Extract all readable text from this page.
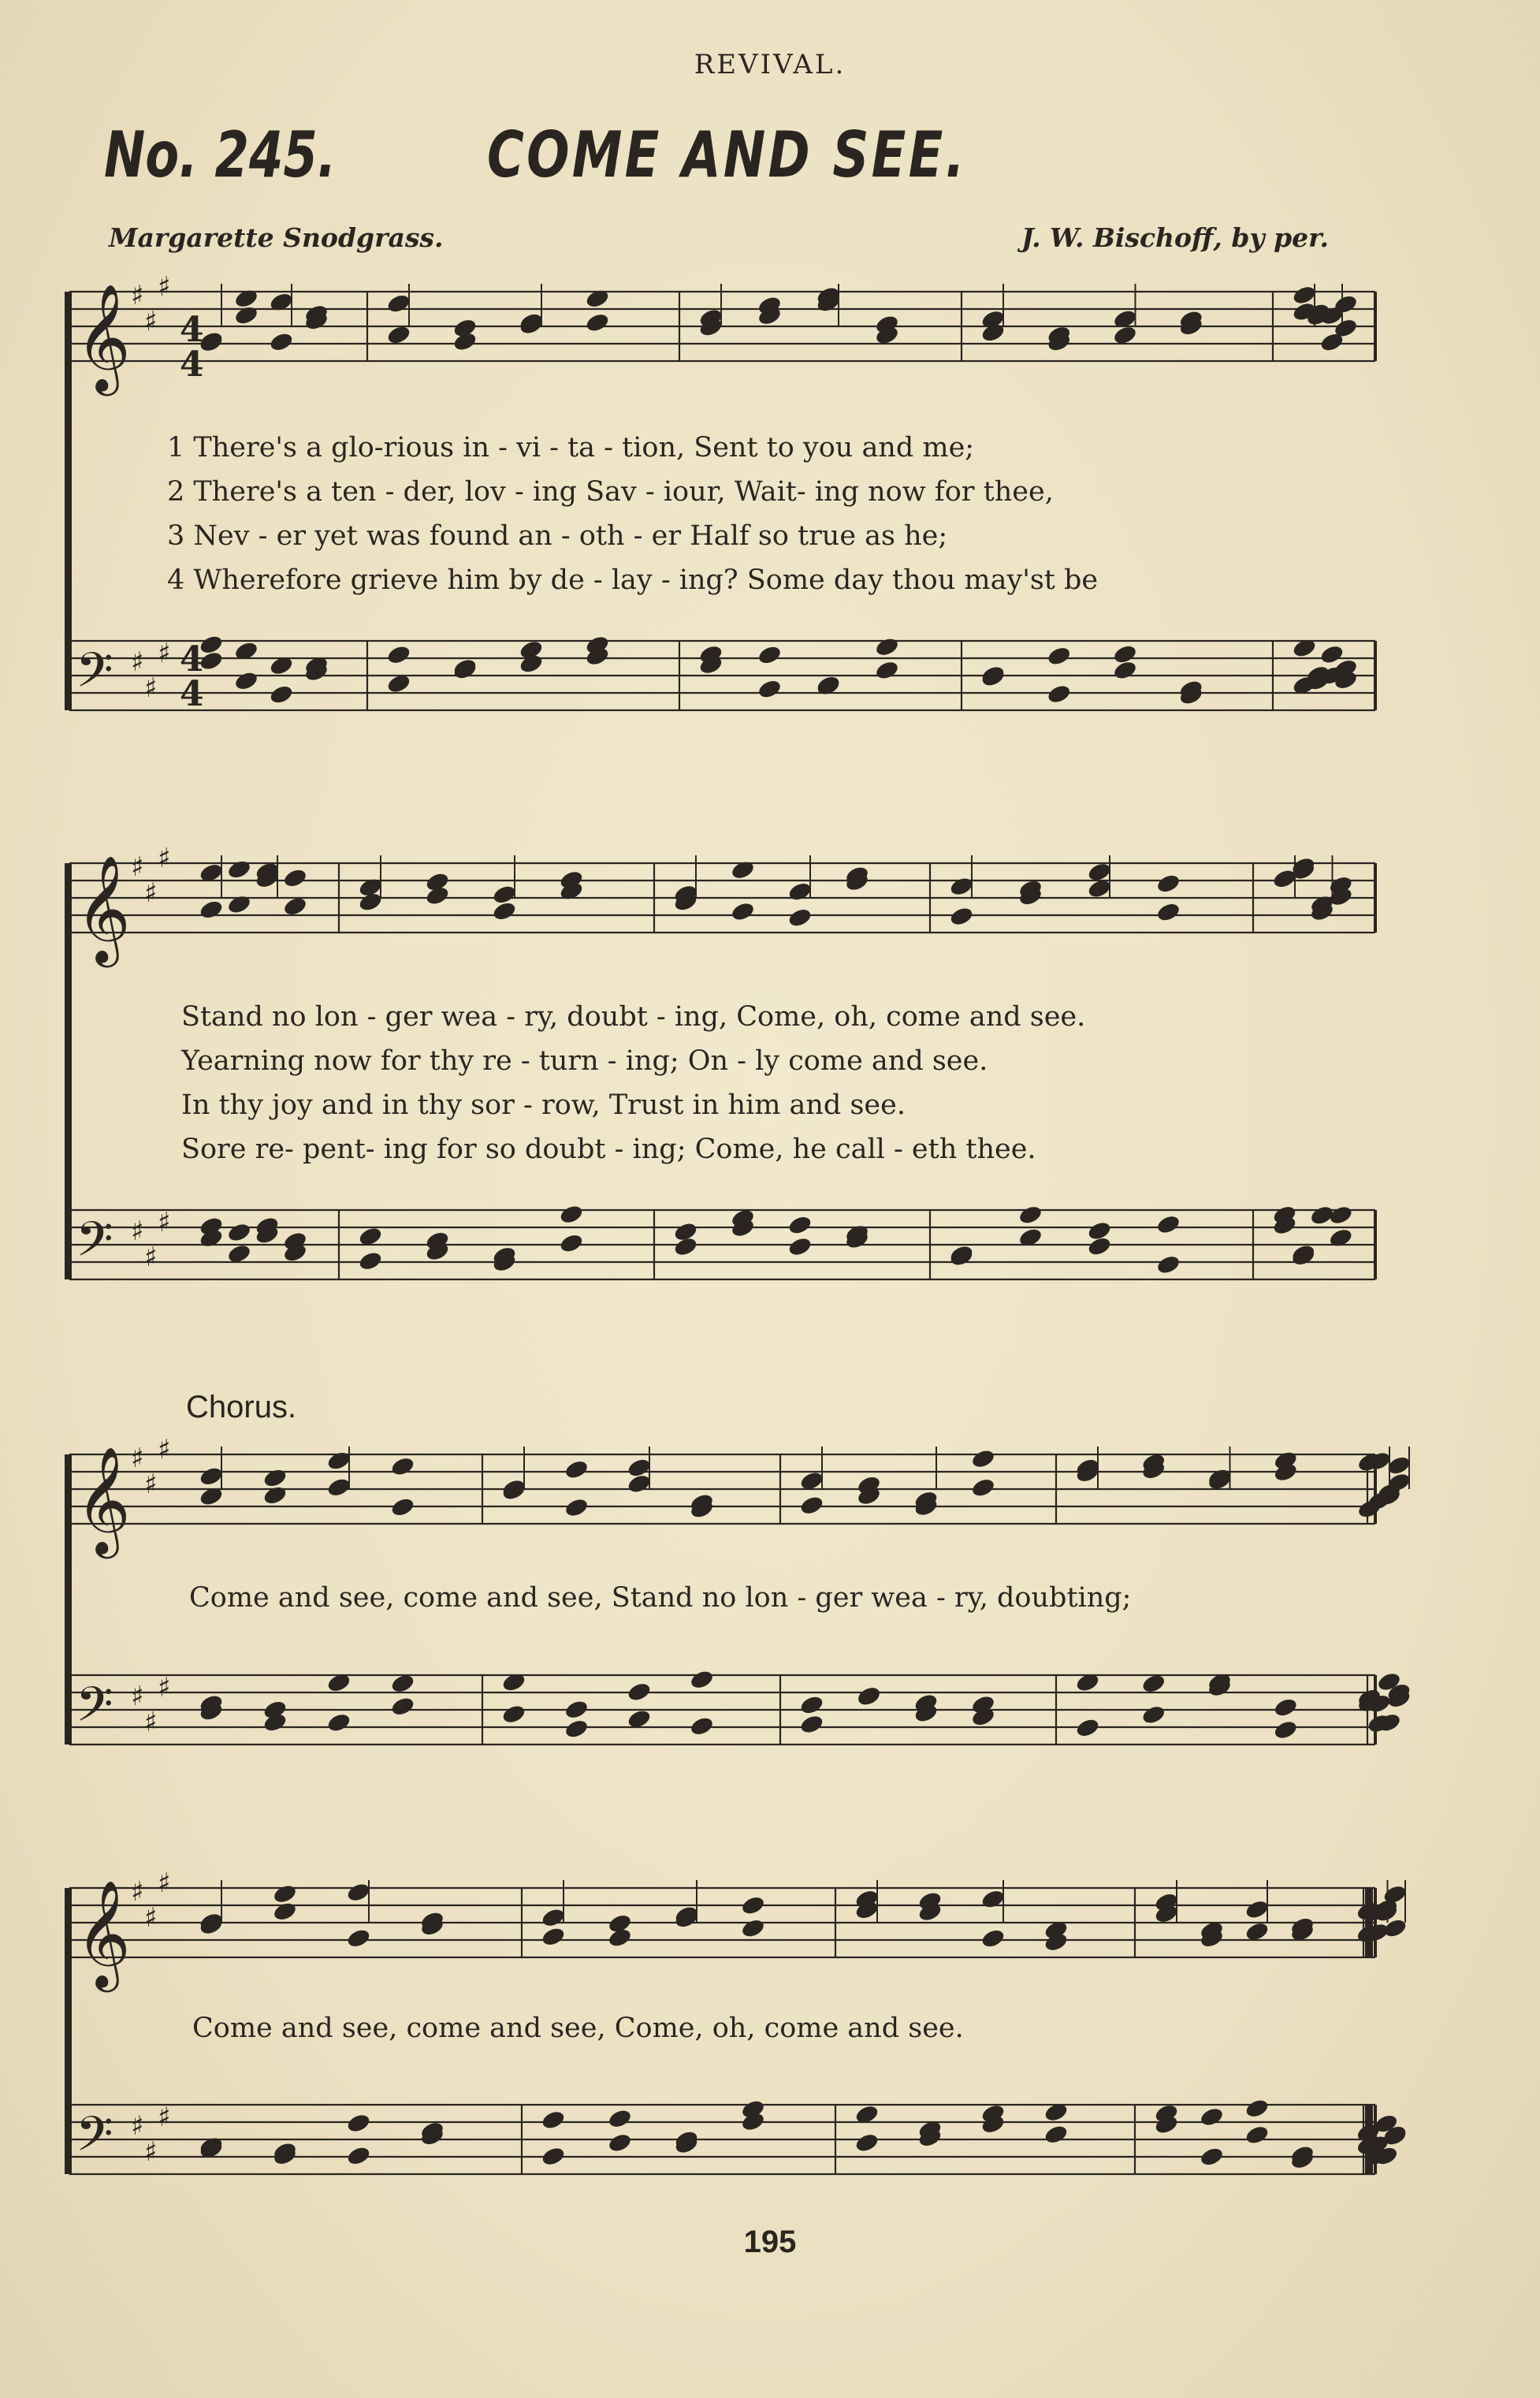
REVIVAL.
No. 245. COME AND SEE.
Margarette Snodgrass.	J. W. Bischoff, by per.
𝄞 ♯
♯
♯
𝄢 ♯
♯
♯
𝄞 ♯
♯
♯
𝄢 ♯
♯
♯
𝄞 ♯
♯
♯
𝄢 ♯
♯
♯
𝄞 ♯
♯
♯
𝄢 ♯
♯
♯
4
4
4
4
1 There's a glo-rious in - vi - ta - tion, Sent to you and me;
2 There's a ten - der, lov - ing Sav - iour, Wait- ing now for thee,
3 Nev - er yet was found an - oth - er Half so true as he;
4 Wherefore grieve him by de - lay - ing? Some day thou may'st be
Stand no lon - ger wea - ry, doubt - ing, Come, oh, come and see.
Yearning now for thy re - turn - ing; On - ly come and see.
In thy joy and in thy sor - row, Trust in him and see.
Sore re- pent- ing for so doubt - ing; Come, he call - eth thee.
Chorus.
Come and see, come and see, Stand no lon - ger wea - ry, doubting;
Come and see, come and see, Come, oh, come and see.
195
